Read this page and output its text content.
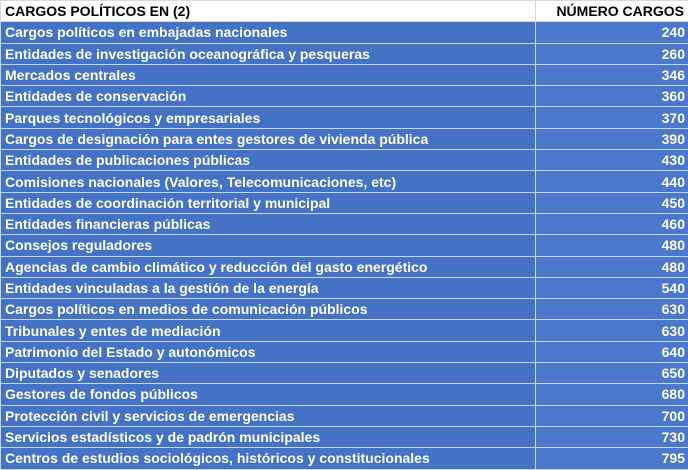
CARGOS POLÍTICOS EN (2)	NÚMERO CARGOS
Cargos políticos en embajadas nacionales	240
Entidades de investigación oceanográfica y pesqueras	260
Mercados centrales	346
Entidades de conservación	360
Parques tecnológicos y empresariales	370
Cargos de designación para entes gestores de vivienda pública	390
Entidades de publicaciones públicas	430
Comisiones nacionales (Valores, Telecomunicaciones, etc)	440
Entidades de coordinación territorial y municipal	450
Entidades financieras públicas	460
Consejos reguladores	480
Agencias de cambio climático y reducción del gasto energético	480
Entidades vinculadas a la gestión de la energía	540
Cargos políticos en medios de comunicación públicos	630
Tribunales y entes de mediación	630
Patrimonio del Estado y autonómicos	640
Diputados y senadores	650
Gestores de fondos públicos	680
Protección civil y servicios de emergencias	700
Servicios estadísticos y de padrón municipales	730
Centros de estudios sociológicos, históricos y constitucionales	795
